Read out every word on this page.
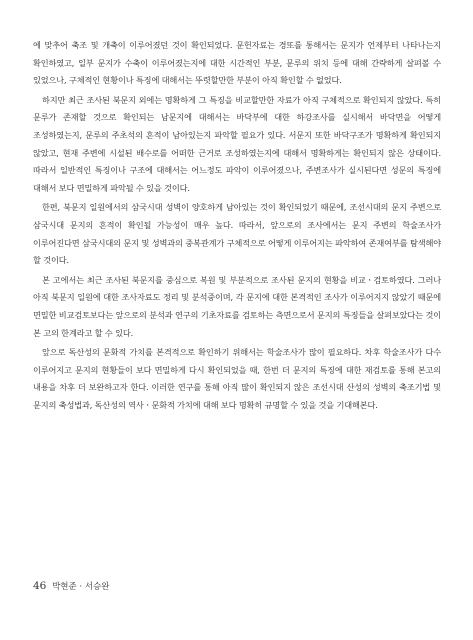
에 맞추어 축조 및 개축이 이루어졌던 것이 확인되었다. 문헌자료는 경또를 통해서는 문지가 언제부터 나타나는지 확인하였고, 일부 문지가 수축이 이루어졌는지에 대한 시간적인 부분, 문루의 위치 등에 대해 간략하게 살펴볼 수 있었으나, 구체적인 현황이나 특징에 대해서는 뚜렷할만한 부분이 아직 확인할 수 없었다.

하지만 최근 조사된 북문지 외에는 명확하게 그 특징을 비교할만한 자료가 아직 구체적으로 확인되지 않았다. 특히 문루가 존재할 것으로 확인되는 남문지에 대해서는 바닥부에 대한 하강조사를 실시해서 바닥면을 어떻게 조성하였는지, 문루의 주초석의 흔적이 남아있는지 파악할 필요가 있다. 서문지 또한 바닥구조가 명확하게 확인되지 않았고, 현재 주변에 시설된 배수로를 어떠한 근거로 조성하였는지에 대해서 명확하게는 확인되지 않은 상태이다. 따라서 일반적인 특징이나 구조에 대해서는 어느정도 파악이 이루어졌으나, 주변조사가 실시된다면 성문의 특징에 대해서 보다 면밀하게 파악될 수 있을 것이다.

한편, 북문지 일원에서의 삼국시대 성벽이 양호하게 남아있는 것이 확인되었기 때문에, 조선시대의 문지 주변으로 삼국시대 문지의 흔적이 확인될 가능성이 매우 높다. 따라서, 앞으로의 조사에서는 문지 주변의 학술조사가 이루어진다면 삼국시대의 문지 및 성벽과의 중복관계가 구체적으로 어떻게 이루어지는 파악하여 존재여부를 탐색해야 할 것이다.

본 고에서는 최근 조사된 북문지를 중심으로 복원 및 부분적으로 조사된 문지의 현황을 비교ㆍ검토하였다. 그러나 아직 북문지 일원에 대한 조사자료도 정리 및 분석중이며, 각 문지에 대한 본격적인 조사가 이루어지지 않았기 때문에 면밀한 비교검토보다는 앞으로의 분석과 연구의 기초자료를 검토하는 측면으로서 문지의 특징들을 살펴보았다는 것이 본 고의 한계라고 할 수 있다.

앞으로 독산성의 문화적 가치를 본격적으로 확인하기 위해서는 학술조사가 많이 필요하다. 차후 학술조사가 다수 이루어지고 문지의 현황들이 보다 면밀하게 다시 확인되었을 때, 한번 더 문지의 특징에 대한 재검토를 통해 본고의 내용을 차후 더 보완하고자 한다. 이러한 연구를 통해 아직 많이 확인되지 않은 조선시대 산성의 성벽의 축조기법 및 문지의 축성법과, 독산성의 역사ㆍ문화적 가치에 대해 보다 명확히 규명할 수 있을 것을 기대해본다.

46 박현준 · 서승완
